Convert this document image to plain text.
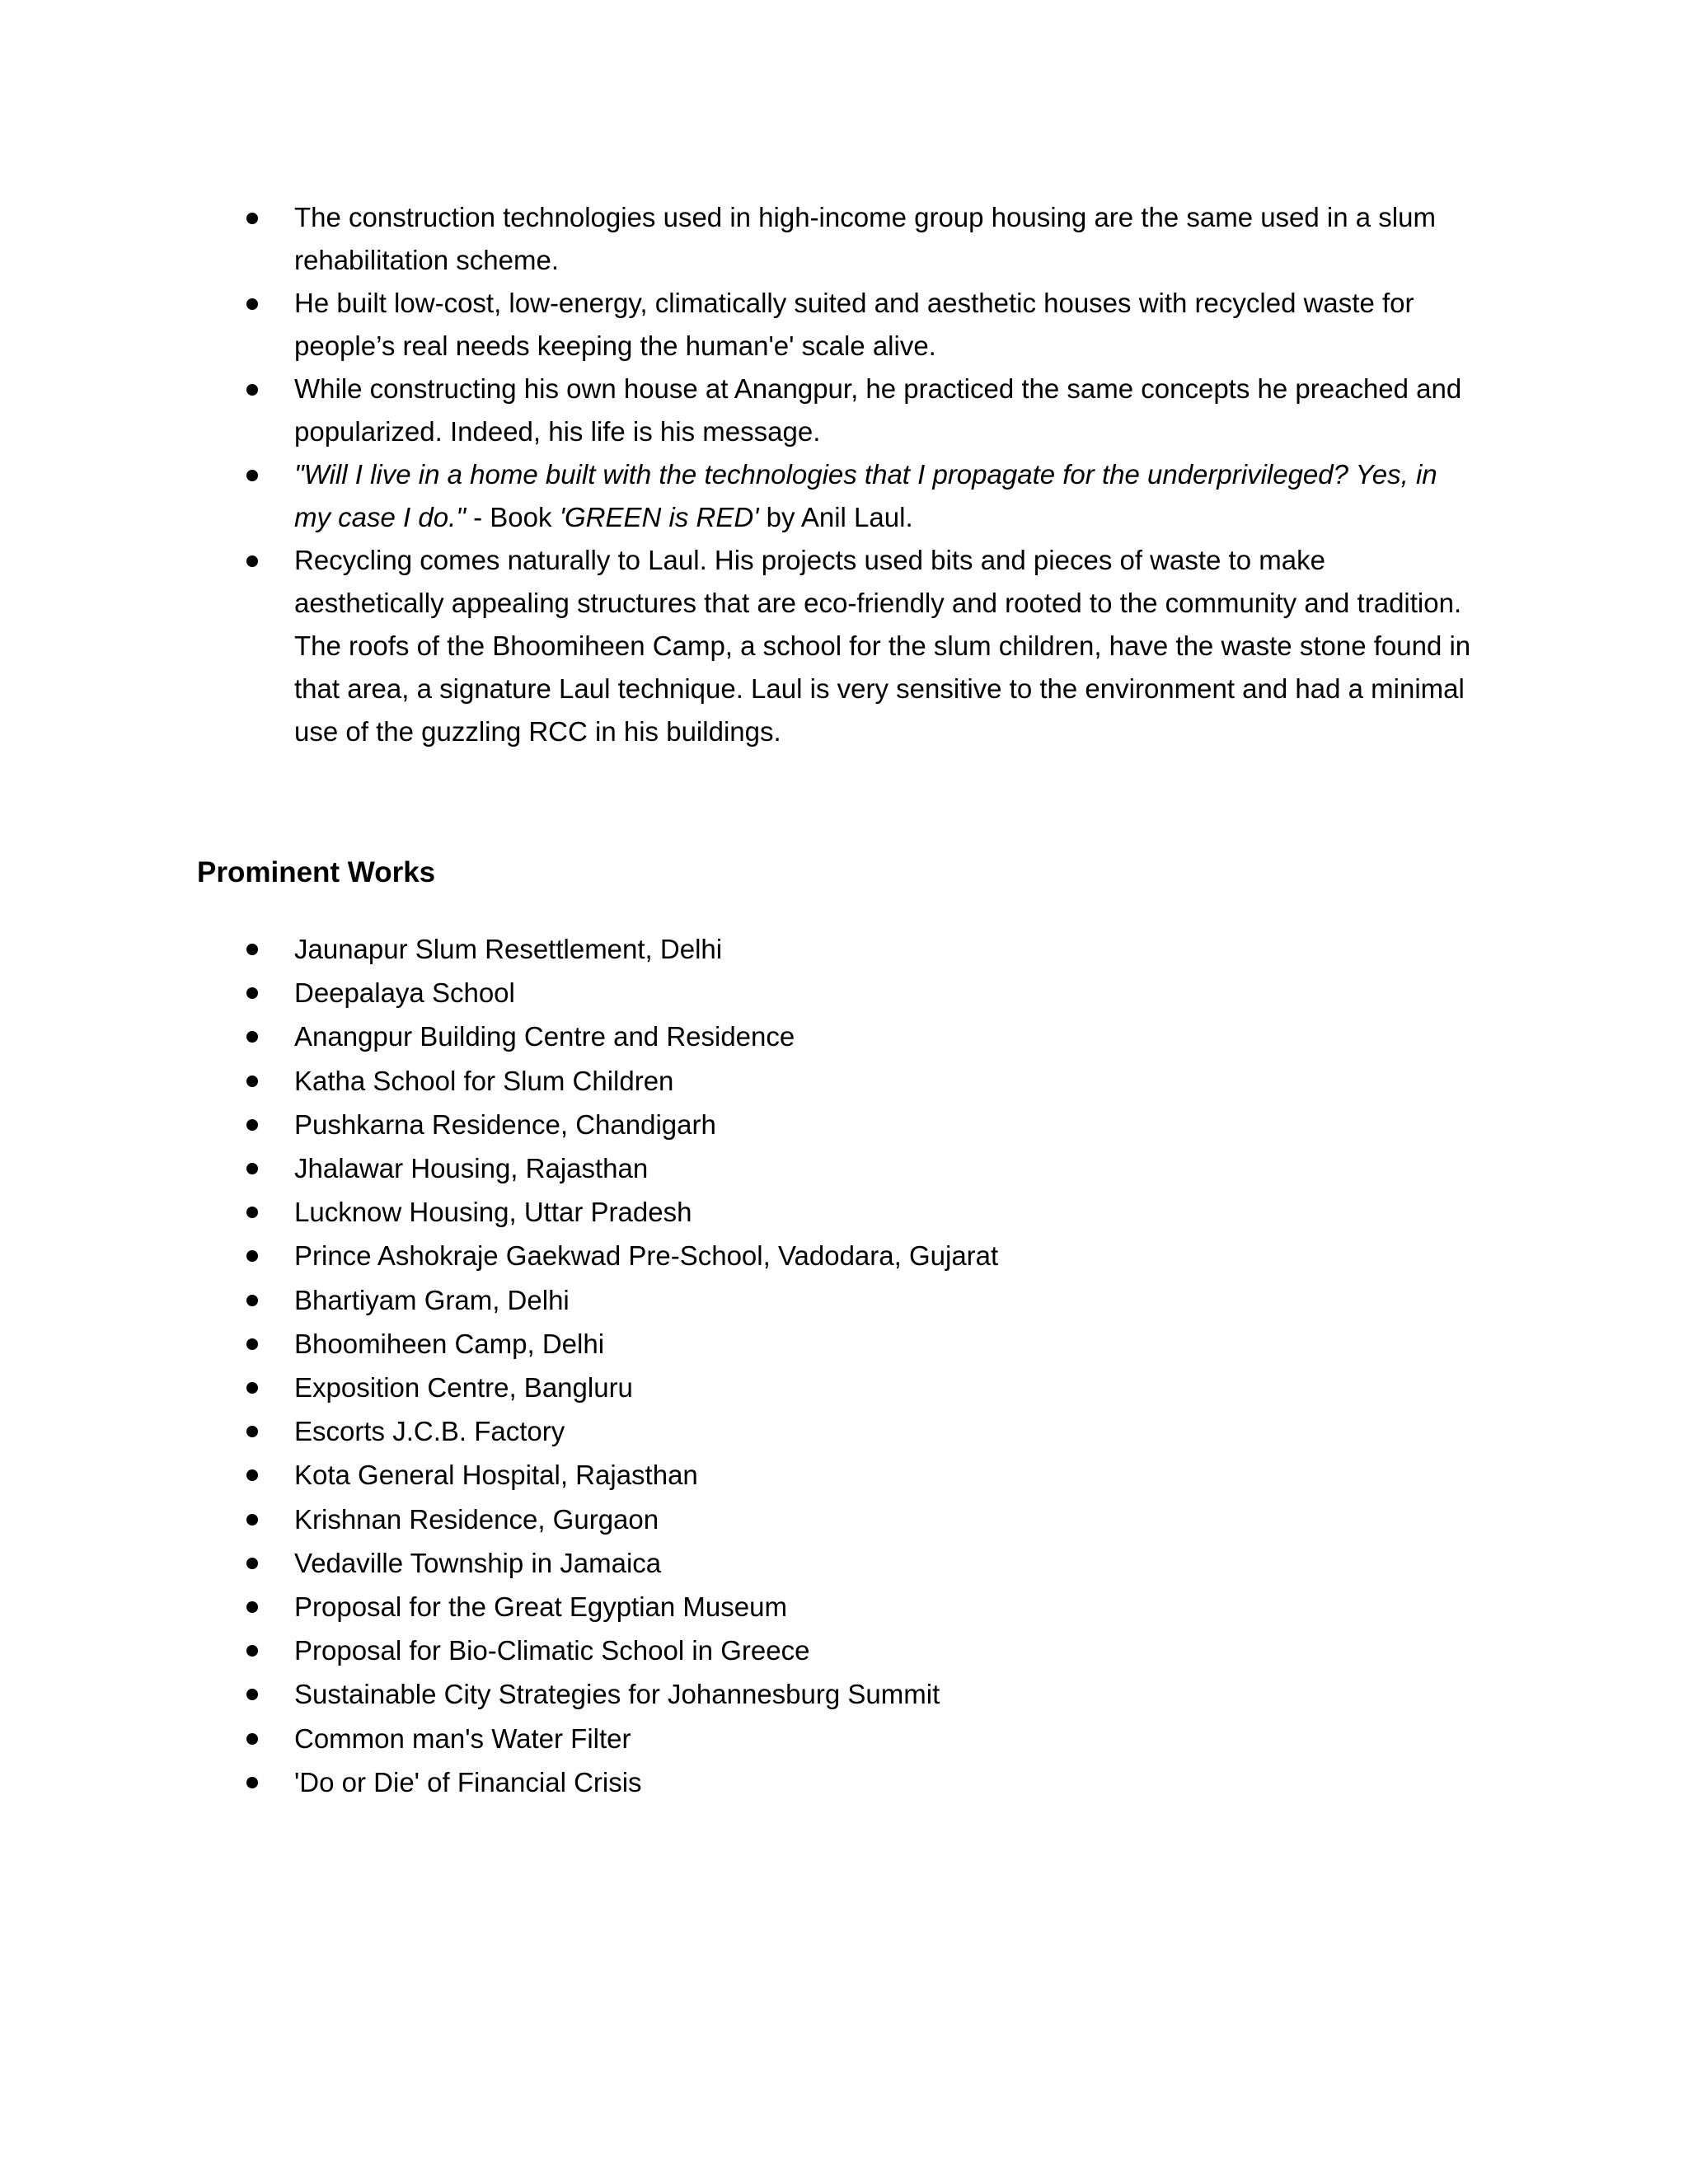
The construction technologies used in high-income group housing are the same used in a slum rehabilitation scheme.
He built low-cost, low-energy, climatically suited and aesthetic houses with recycled waste for people’s real needs keeping the human'e' scale alive.
While constructing his own house at Anangpur, he practiced the same concepts he preached and popularized. Indeed, his life is his message.
"Will I live in a home built with the technologies that I propagate for the underprivileged? Yes, in my case I do." - Book 'GREEN is RED' by Anil Laul.
Recycling comes naturally to Laul. His projects used bits and pieces of waste to make aesthetically appealing structures that are eco-friendly and rooted to the community and tradition. The roofs of the Bhoomiheen Camp, a school for the slum children, have the waste stone found in that area, a signature Laul technique. Laul is very sensitive to the environment and had a minimal use of the guzzling RCC in his buildings.
Prominent Works
Jaunapur Slum Resettlement, Delhi
Deepalaya School
Anangpur Building Centre and Residence
Katha School for Slum Children
Pushkarna Residence, Chandigarh
Jhalawar Housing, Rajasthan
Lucknow Housing, Uttar Pradesh
Prince Ashokraje Gaekwad Pre-School, Vadodara, Gujarat
Bhartiyam Gram, Delhi
Bhoomiheen Camp, Delhi
Exposition Centre, Bangluru
Escorts J.C.B. Factory
Kota General Hospital, Rajasthan
Krishnan Residence, Gurgaon
Vedaville Township in Jamaica
Proposal for the Great Egyptian Museum
Proposal for Bio-Climatic School in Greece
Sustainable City Strategies for Johannesburg Summit
Common man's Water Filter
'Do or Die' of Financial Crisis
